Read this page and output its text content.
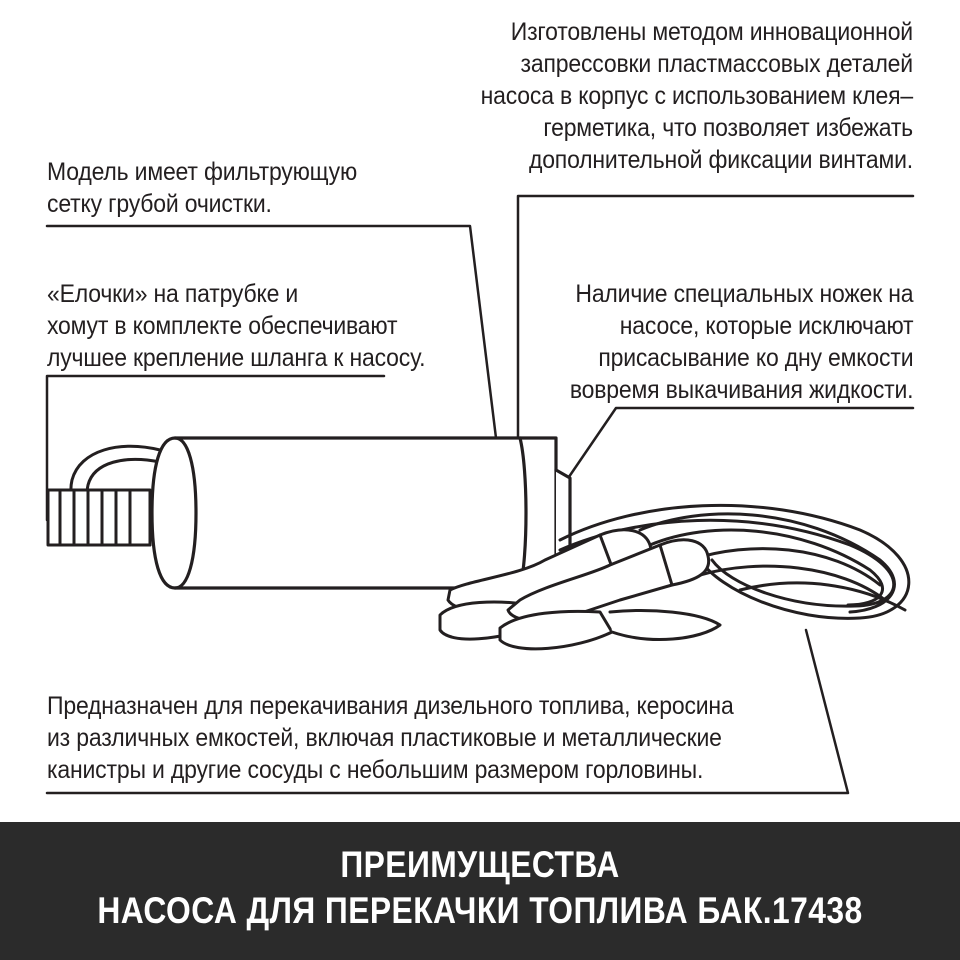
Изготовлены методом инновационной
запрессовки пластмассовых деталей
насоса в корпус с использованием клея–
герметика, что позволяет избежать
дополнительной фиксации винтами.

Модель имеет фильтрующую
сетку грубой очистки.

«Елочки» на патрубке и
хомут в комплекте обеспечивают
лучшее крепление шланга к насосу.

Наличие специальных ножек на
насосе, которые исключают
присасывание ко дну емкости
вовремя выкачивания жидкости.

Предназначен для перекачивания дизельного топлива, керосина
из различных емкостей, включая пластиковые и металлические
канистры и другие сосуды с небольшим размером горловины.

ПРЕИМУЩЕСТВА
НАСОСА ДЛЯ ПЕРЕКАЧКИ ТОПЛИВА БАК.17438
